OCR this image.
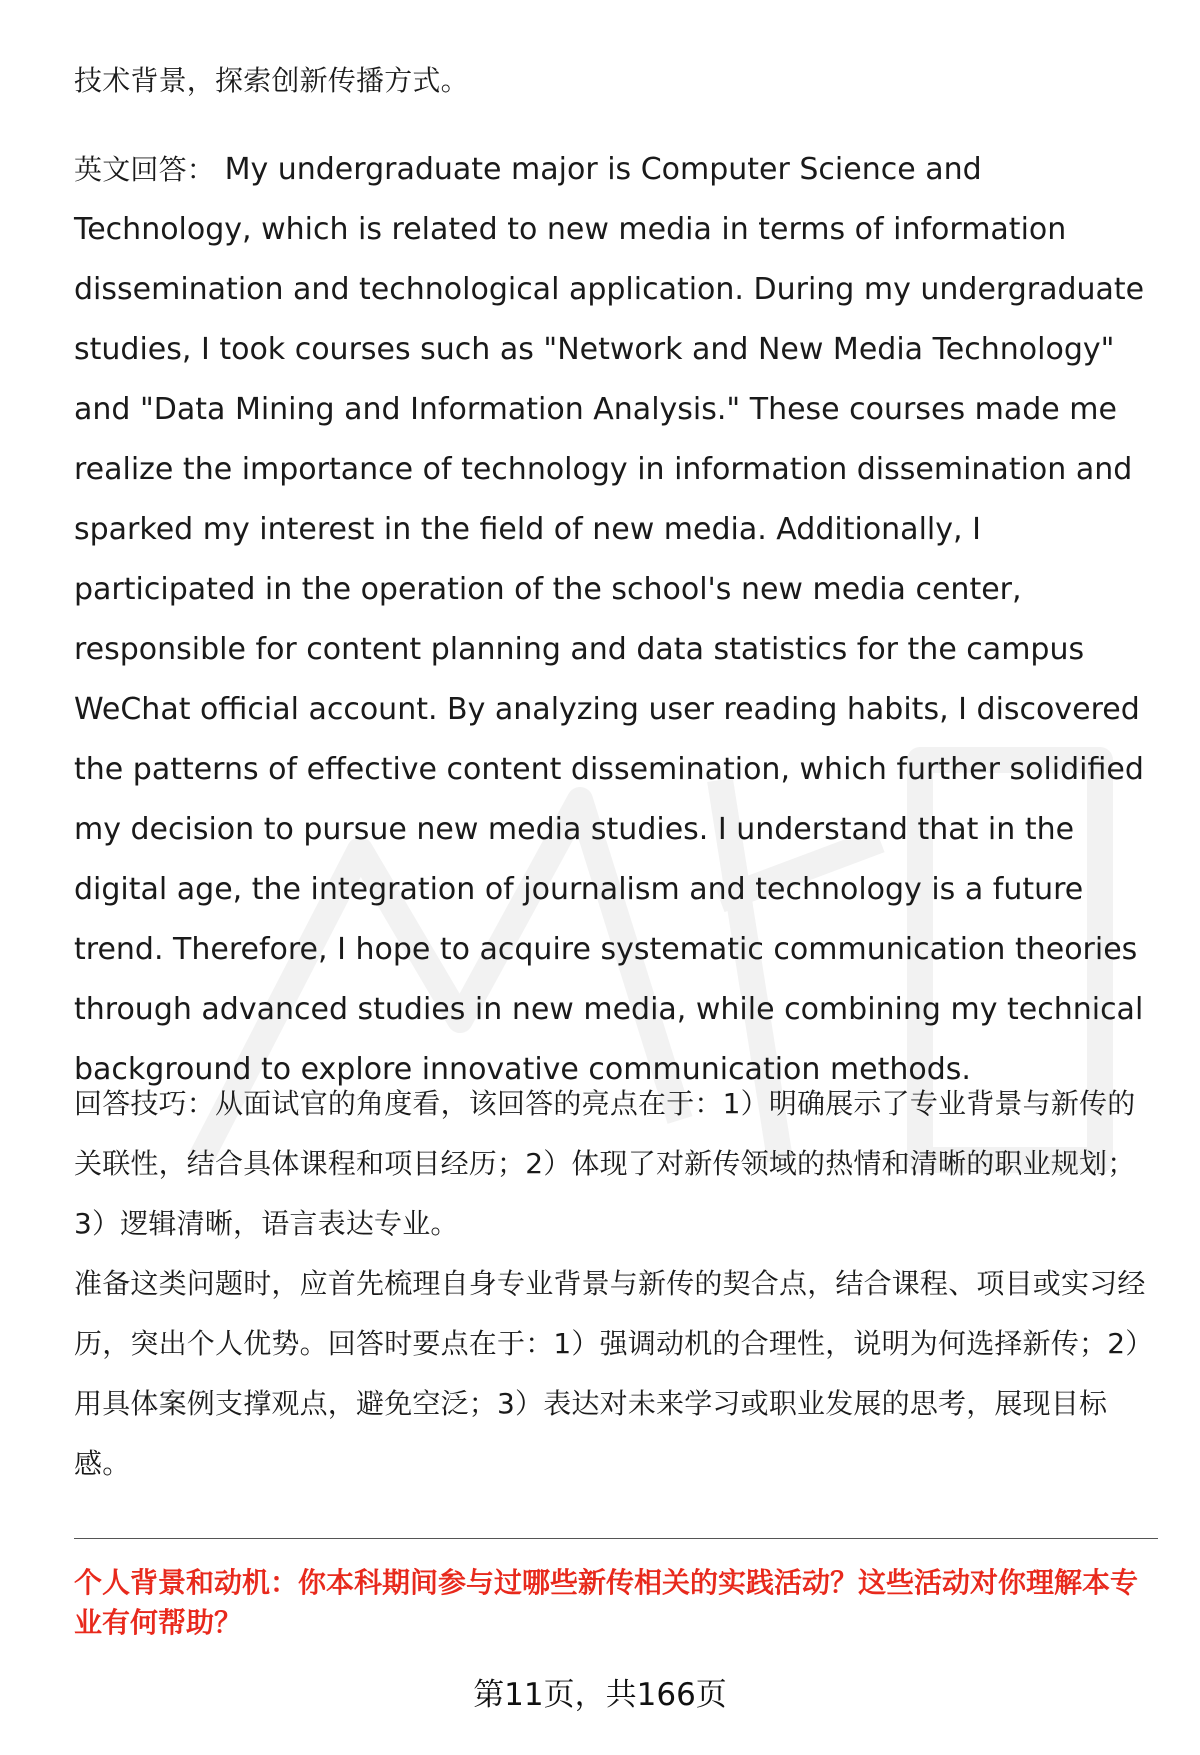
技术背景，探索创新传播方式。

英文回答： My undergraduate major is Computer Science and Technology, which is related to new media in terms of information dissemination and technological application. During my undergraduate studies, I took courses such as "Network and New Media Technology" and "Data Mining and Information Analysis." These courses made me realize the importance of technology in information dissemination and sparked my interest in the field of new media. Additionally, I participated in the operation of the school's new media center, responsible for content planning and data statistics for the campus WeChat official account. By analyzing user reading habits, I discovered the patterns of effective content dissemination, which further solidified my decision to pursue new media studies. I understand that in the digital age, the integration of journalism and technology is a future trend. Therefore, I hope to acquire systematic communication theories through advanced studies in new media, while combining my technical background to explore innovative communication methods.

回答技巧：从面试官的角度看，该回答的亮点在于：1）明确展示了专业背景与新传的关联性，结合具体课程和项目经历；2）体现了对新传领域的热情和清晰的职业规划；3）逻辑清晰，语言表达专业。

准备这类问题时，应首先梳理自身专业背景与新传的契合点，结合课程、项目或实习经历，突出个人优势。回答时要点在于：1）强调动机的合理性，说明为何选择新传；2）用具体案例支撑观点，避免空泛；3）表达对未来学习或职业发展的思考，展现目标感。

个人背景和动机：你本科期间参与过哪些新传相关的实践活动？这些活动对你理解本专业有何帮助？

第11页，共166页
